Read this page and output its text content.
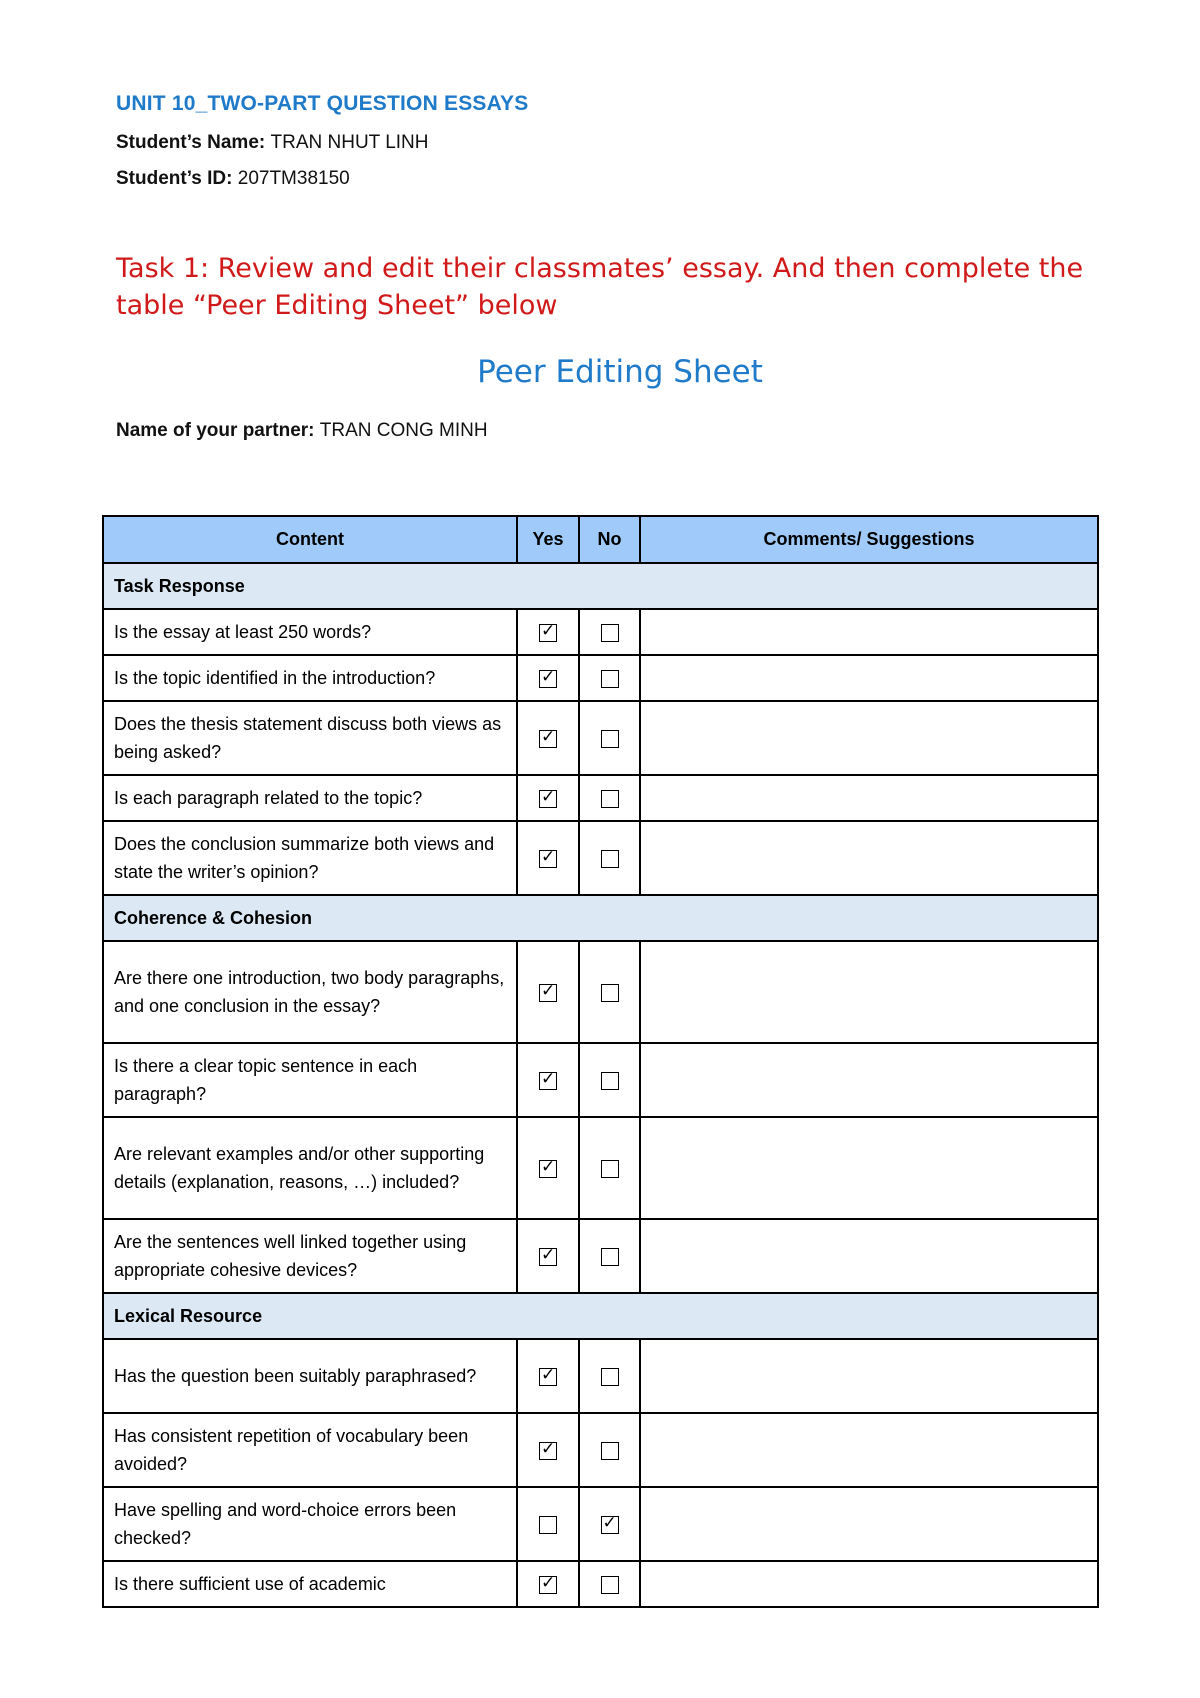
UNIT 10_TWO-PART QUESTION ESSAYS
Student’s Name: TRAN NHUT LINH
Student’s ID: 207TM38150
Task 1: Review and edit their classmates’ essay. And then complete the table “Peer Editing Sheet” below
Peer Editing Sheet
Name of your partner: TRAN CONG MINH
Content	Yes	No	Comments/ Suggestions
Task Response			
Is the essay at least 250 words?	✓		

Is the topic identified in the introduction?	✓		

Does the thesis statement discuss both views as being asked?	✓		

Is each paragraph related to the topic?	✓		

Does the conclusion summarize both views and state the writer’s opinion?	✓		

Coherence & Cohesion			
Are there one introduction, two body paragraphs, and one conclusion in the essay?	✓		

Is there a clear topic sentence in each paragraph?	✓		

Are relevant examples and/or other supporting details (explanation, reasons, …) included?	✓		

Are the sentences well linked together using appropriate cohesive devices?	✓		

Lexical Resource			
Has the question been suitably paraphrased?	✓		

Has consistent repetition of vocabulary been avoided?	✓		

Have spelling and word-choice errors been checked?		✓	

Is there sufficient use of academic	✓		
